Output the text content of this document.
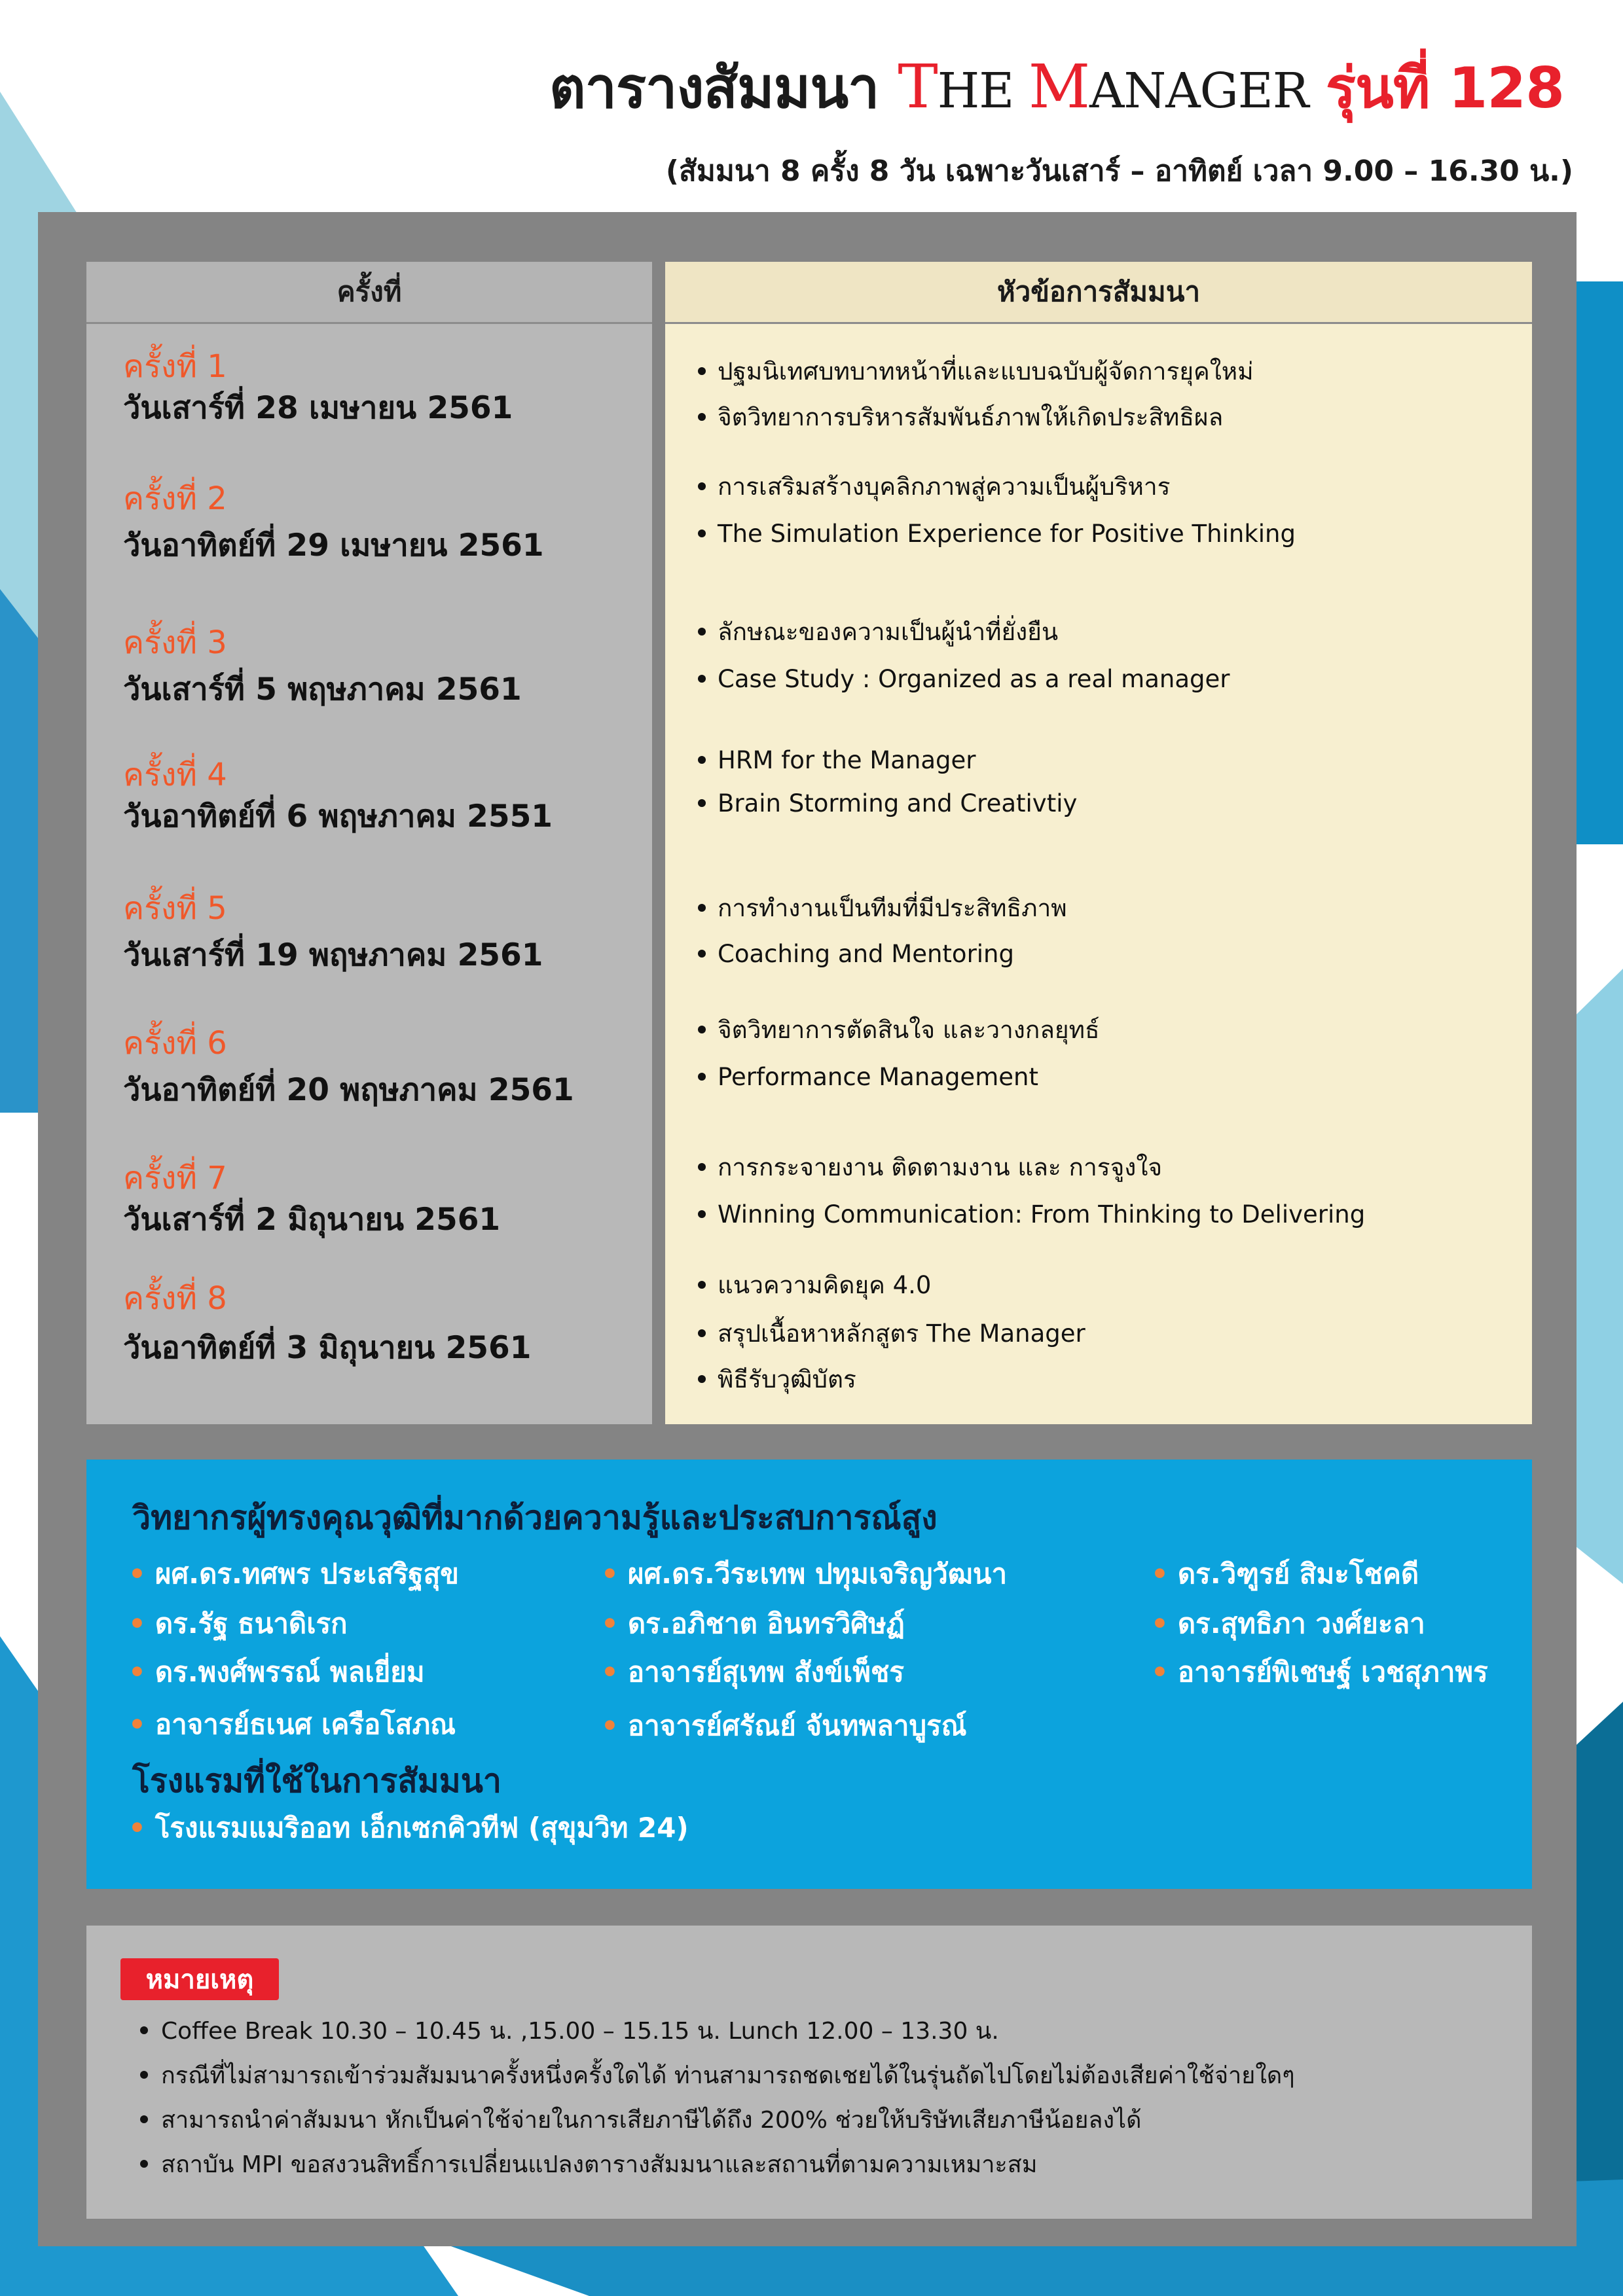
ตารางสัมมนา THE MANAGER รุ่นที่ 128
(สัมมนา 8 ครั้ง 8 วัน เฉพาะวันเสาร์ – อาทิตย์ เวลา 9.00 – 16.30 น.)
ครั้งที่	หัวข้อการสัมมนา
ครั้งที่ 1
วันเสาร์ที่ 28 เมษายน 2561
ครั้งที่ 2
วันอาทิตย์ที่ 29 เมษายน 2561
ครั้งที่ 3
วันเสาร์ที่ 5 พฤษภาคม 2561
ครั้งที่ 4
วันอาทิตย์ที่ 6 พฤษภาคม 2551
ครั้งที่ 5
วันเสาร์ที่ 19 พฤษภาคม 2561
ครั้งที่ 6
วันอาทิตย์ที่ 20 พฤษภาคม 2561
ครั้งที่ 7
วันเสาร์ที่ 2 มิถุนายน 2561
ครั้งที่ 8
วันอาทิตย์ที่ 3 มิถุนายน 2561
ปฐมนิเทศบทบาทหน้าที่และแบบฉบับผู้จัดการยุคใหม่
จิตวิทยาการบริหารสัมพันธ์ภาพให้เกิดประสิทธิผล
การเสริมสร้างบุคลิกภาพสู่ความเป็นผู้บริหาร
The Simulation Experience for Positive Thinking
ลักษณะของความเป็นผู้นำที่ยั่งยืน
Case Study : Organized as a real manager
HRM for the Manager
Brain Storming and Creativtiy
การทำงานเป็นทีมที่มีประสิทธิภาพ
Coaching and Mentoring
จิตวิทยาการตัดสินใจ และวางกลยุทธ์
Performance Management
การกระจายงาน ติดตามงาน และ การจูงใจ
Winning Communication: From Thinking to Delivering
แนวความคิดยุค 4.0
สรุปเนื้อหาหลักสูตร The Manager
พิธีรับวุฒิบัตร
วิทยากรผู้ทรงคุณวุฒิที่มากด้วยความรู้และประสบการณ์สูง
• ผศ.ดร.ทศพร ประเสริฐสุข
• ดร.รัฐ ธนาดิเรก
• ดร.พงศ์พรรณ์ พลเยี่ยม
• อาจารย์ธเนศ เครือโสภณ
• ผศ.ดร.วีระเทพ ปทุมเจริญวัฒนา
• ดร.อภิชาต อินทรวิศิษฏ์
• อาจารย์สุเทพ สังข์เพ็ชร
• อาจารย์ศรัณย์ จันทพลาบูรณ์
• ดร.วิฑูรย์ สิมะโชคดี
• ดร.สุทธิภา วงศ์ยะลา
• อาจารย์พิเชษฐ์ เวชสุภาพร
โรงแรมที่ใช้ในการสัมมนา
• โรงแรมแมริออท เอ็กเซกคิวทีฟ (สุขุมวิท 24)
หมายเหตุ
Coffee Break 10.30 – 10.45 น. ,15.00 – 15.15 น. Lunch 12.00 – 13.30 น.
กรณีที่ไม่สามารถเข้าร่วมสัมมนาครั้งหนึ่งครั้งใดได้ ท่านสามารถชดเชยได้ในรุ่นถัดไปโดยไม่ต้องเสียค่าใช้จ่ายใดๆ
สามารถนำค่าสัมมนา หักเป็นค่าใช้จ่ายในการเสียภาษีได้ถึง 200% ช่วยให้บริษัทเสียภาษีน้อยลงได้
สถาบัน MPI ขอสงวนสิทธิ์การเปลี่ยนแปลงตารางสัมมนาและสถานที่ตามความเหมาะสม
